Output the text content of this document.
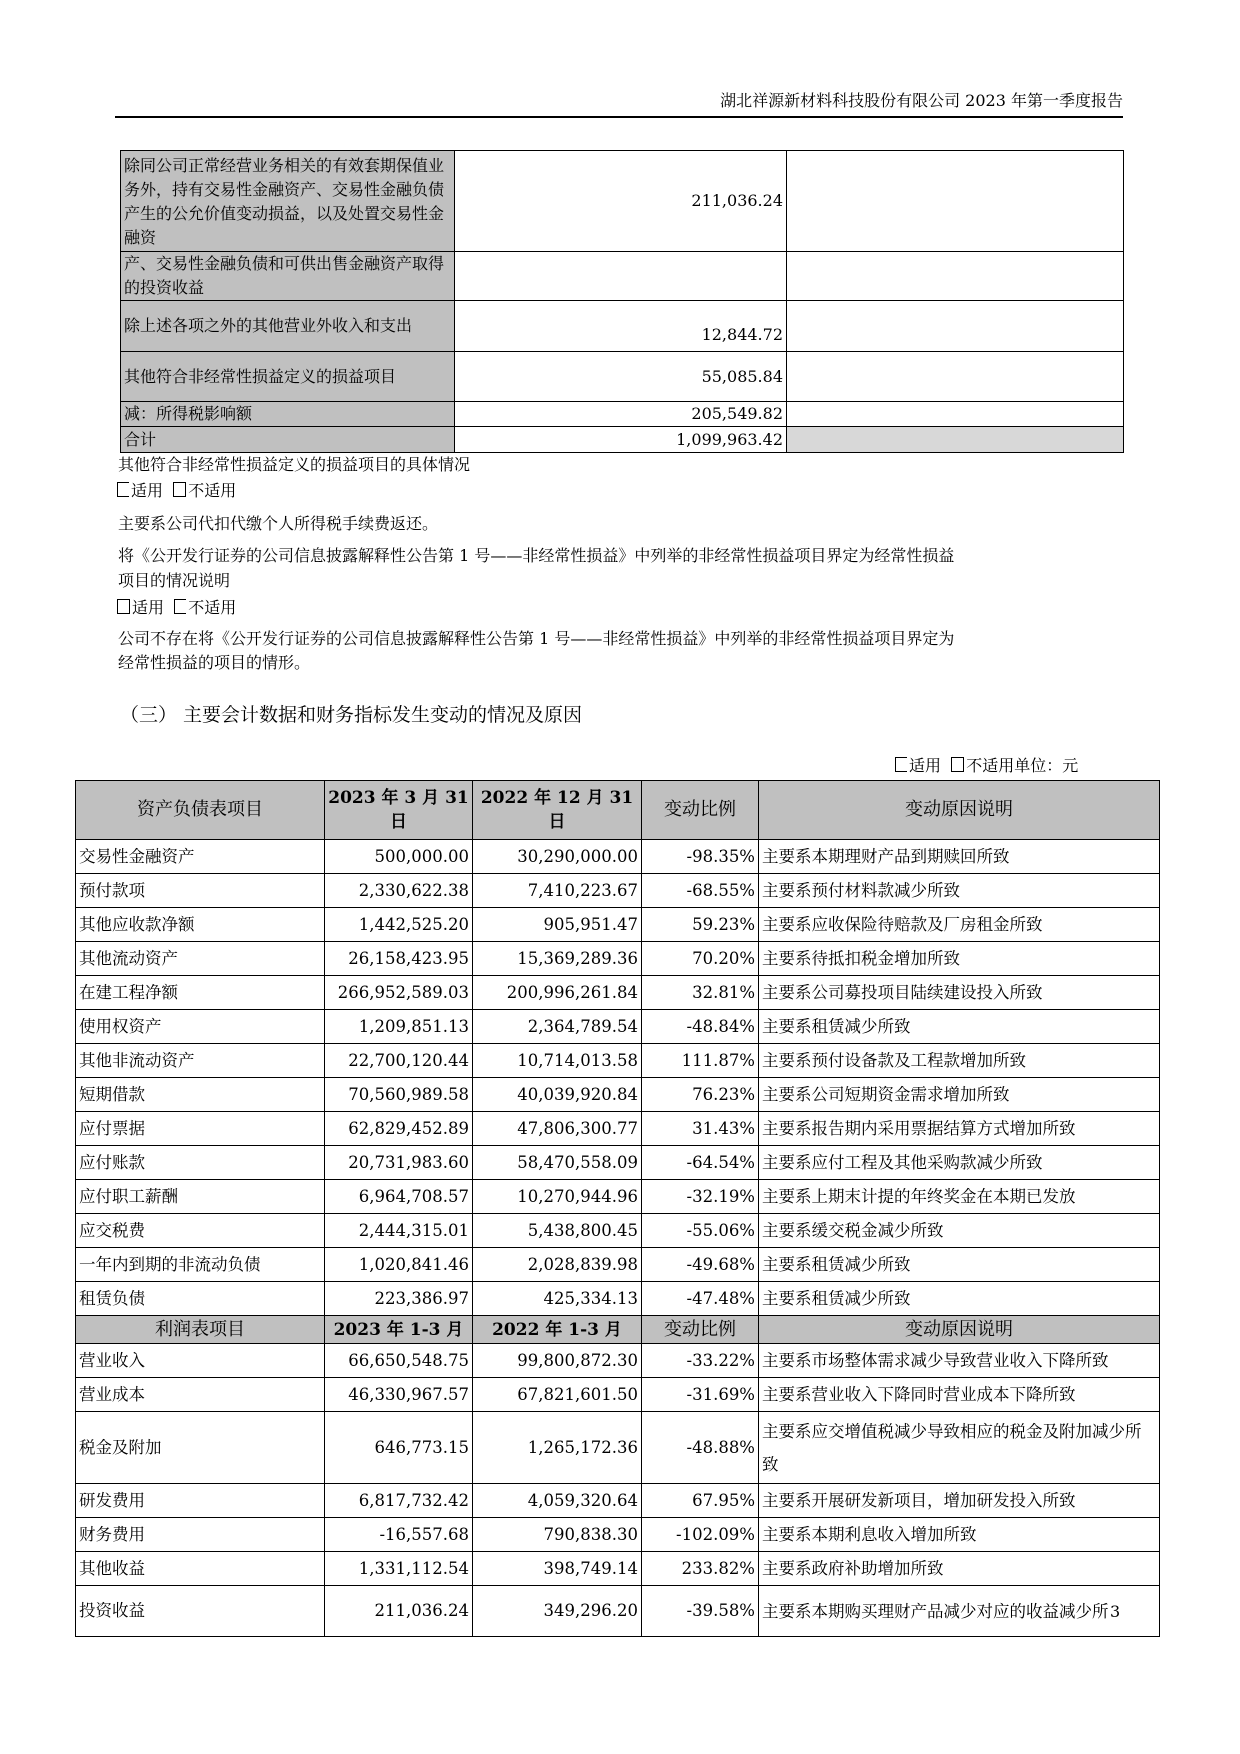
湖北祥源新材料科技股份有限公司 2023 年第一季度报告
除同公司正常经营业务相关的有效套期保值业务外，持有交易性金融资产、交易性金融负债产生的公允价值变动损益，以及处置交易性金融资	211,036.24	
产、交易性金融负债和可供出售金融资产取得的投资收益		
除上述各项之外的其他营业外收入和支出	12,844.72	
其他符合非经常性损益定义的损益项目	55,085.84	
减：所得税影响额	205,549.82	
合计	1,099,963.42	
其他符合非经常性损益定义的损益项目的具体情况
适用 不适用
主要系公司代扣代缴个人所得税手续费返还。
将《公开发行证券的公司信息披露解释性公告第 1 号——非经常性损益》中列举的非经常性损益项目界定为经常性损益
项目的情况说明
适用 不适用
公司不存在将《公开发行证券的公司信息披露解释性公告第 1 号——非经常性损益》中列举的非经常性损益项目界定为
经常性损益的项目的情形。
（三） 主要会计数据和财务指标发生变动的情况及原因
适用 不适用单位：元
资产负债表项目	2023 年 3 月 31 日	2022 年 12 月 31 日	变动比例	变动原因说明
交易性金融资产	500,000.00	30,290,000.00	-98.35%	主要系本期理财产品到期赎回所致
预付款项	2,330,622.38	7,410,223.67	-68.55%	主要系预付材料款减少所致
其他应收款净额	1,442,525.20	905,951.47	59.23%	主要系应收保险待赔款及厂房租金所致
其他流动资产	26,158,423.95	15,369,289.36	70.20%	主要系待抵扣税金增加所致
在建工程净额	266,952,589.03	200,996,261.84	32.81%	主要系公司募投项目陆续建设投入所致
使用权资产	1,209,851.13	2,364,789.54	-48.84%	主要系租赁减少所致
其他非流动资产	22,700,120.44	10,714,013.58	111.87%	主要系预付设备款及工程款增加所致
短期借款	70,560,989.58	40,039,920.84	76.23%	主要系公司短期资金需求增加所致
应付票据	62,829,452.89	47,806,300.77	31.43%	主要系报告期内采用票据结算方式增加所致
应付账款	20,731,983.60	58,470,558.09	-64.54%	主要系应付工程及其他采购款减少所致
应付职工薪酬	6,964,708.57	10,270,944.96	-32.19%	主要系上期末计提的年终奖金在本期已发放
应交税费	2,444,315.01	5,438,800.45	-55.06%	主要系缓交税金减少所致
一年内到期的非流动负债	1,020,841.46	2,028,839.98	-49.68%	主要系租赁减少所致
租赁负债	223,386.97	425,334.13	-47.48%	主要系租赁减少所致
利润表项目	2023 年 1-3 月	2022 年 1-3 月	变动比例	变动原因说明
营业收入	66,650,548.75	99,800,872.30	-33.22%	主要系市场整体需求减少导致营业收入下降所致
营业成本	46,330,967.57	67,821,601.50	-31.69%	主要系营业收入下降同时营业成本下降所致
税金及附加	646,773.15	1,265,172.36	-48.88%	主要系应交增值税减少导致相应的税金及附加减少所致
研发费用	6,817,732.42	4,059,320.64	67.95%	主要系开展研发新项目，增加研发投入所致
财务费用	-16,557.68	790,838.30	-102.09%	主要系本期利息收入增加所致
其他收益	1,331,112.54	398,749.14	233.82%	主要系政府补助增加所致
投资收益	211,036.24	349,296.20	-39.58%	主要系本期购买理财产品减少对应的收益减少所 3
